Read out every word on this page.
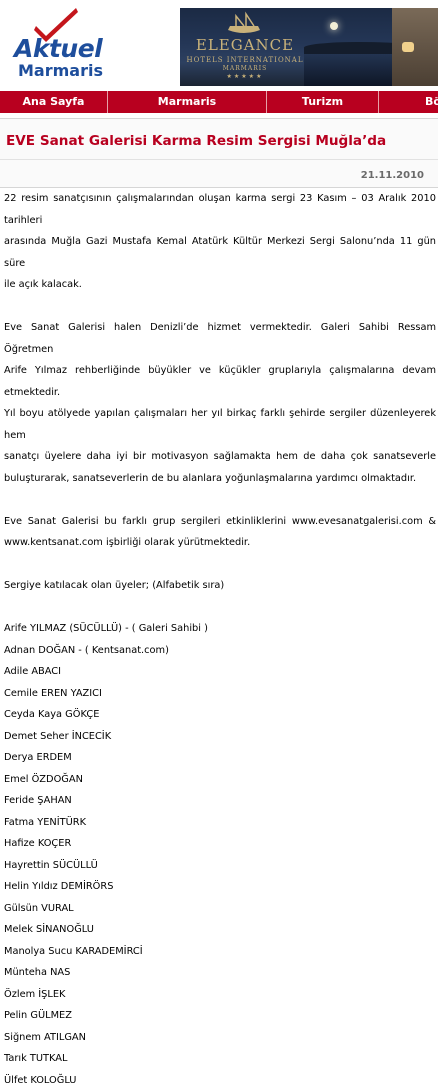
Aktuel
Marmaris
ELEGANCE
HOTELS INTERNATIONAL
MARMARIS
★★★★★
Ana Sayfa	Marmaris	Turizm	Bö
EVE Sanat Galerisi Karma Resim Sergisi Muğla’da
21.11.2010

22 resim sanatçısının çalışmalarından oluşan karma sergi 23 Kasım – 03 Aralık 2010 tarihleri

arasında Muğla Gazi Mustafa Kemal Atatürk Kültür Merkezi Sergi Salonu’nda 11 gün süre

ile açık kalacak.

Eve Sanat Galerisi halen Denizli’de hizmet vermektedir. Galeri Sahibi Ressam Öğretmen

Arife Yılmaz rehberliğinde büyükler ve küçükler gruplarıyla çalışmalarına devam etmektedir.

Yıl boyu atölyede yapılan çalışmaları her yıl birkaç farklı şehirde sergiler düzenleyerek hem

sanatçı üyelere daha iyi bir motivasyon sağlamakta hem de daha çok sanatseverle

buluşturarak, sanatseverlerin de bu alanlara yoğunlaşmalarına yardımcı olmaktadır.

Eve Sanat Galerisi bu farklı grup sergileri etkinliklerini www.evesanatgalerisi.com &

www.kentsanat.com işbirliği olarak yürütmektedir.

Sergiye katılacak olan üyeler; (Alfabetik sıra)

Arife YILMAZ (SÜCÜLLÜ) - ( Galeri Sahibi )

Adnan DOĞAN - ( Kentsanat.com)

Adile ABACI

Cemile EREN YAZICI

Ceyda Kaya GÖKÇE

Demet Seher İNCECİK

Derya ERDEM

Emel ÖZDOĞAN

Feride ŞAHAN

Fatma YENİTÜRK

Hafize KOÇER

Hayrettin SÜCÜLLÜ

Helin Yıldız DEMİRÖRS

Gülsün VURAL

Melek SİNANOĞLU

Manolya Sucu KARADEMİRCİ

Münteha NAS

Özlem İŞLEK

Pelin GÜLMEZ

Siğnem ATILGAN

Tarık TUTKAL

Ülfet KOLOĞLU
